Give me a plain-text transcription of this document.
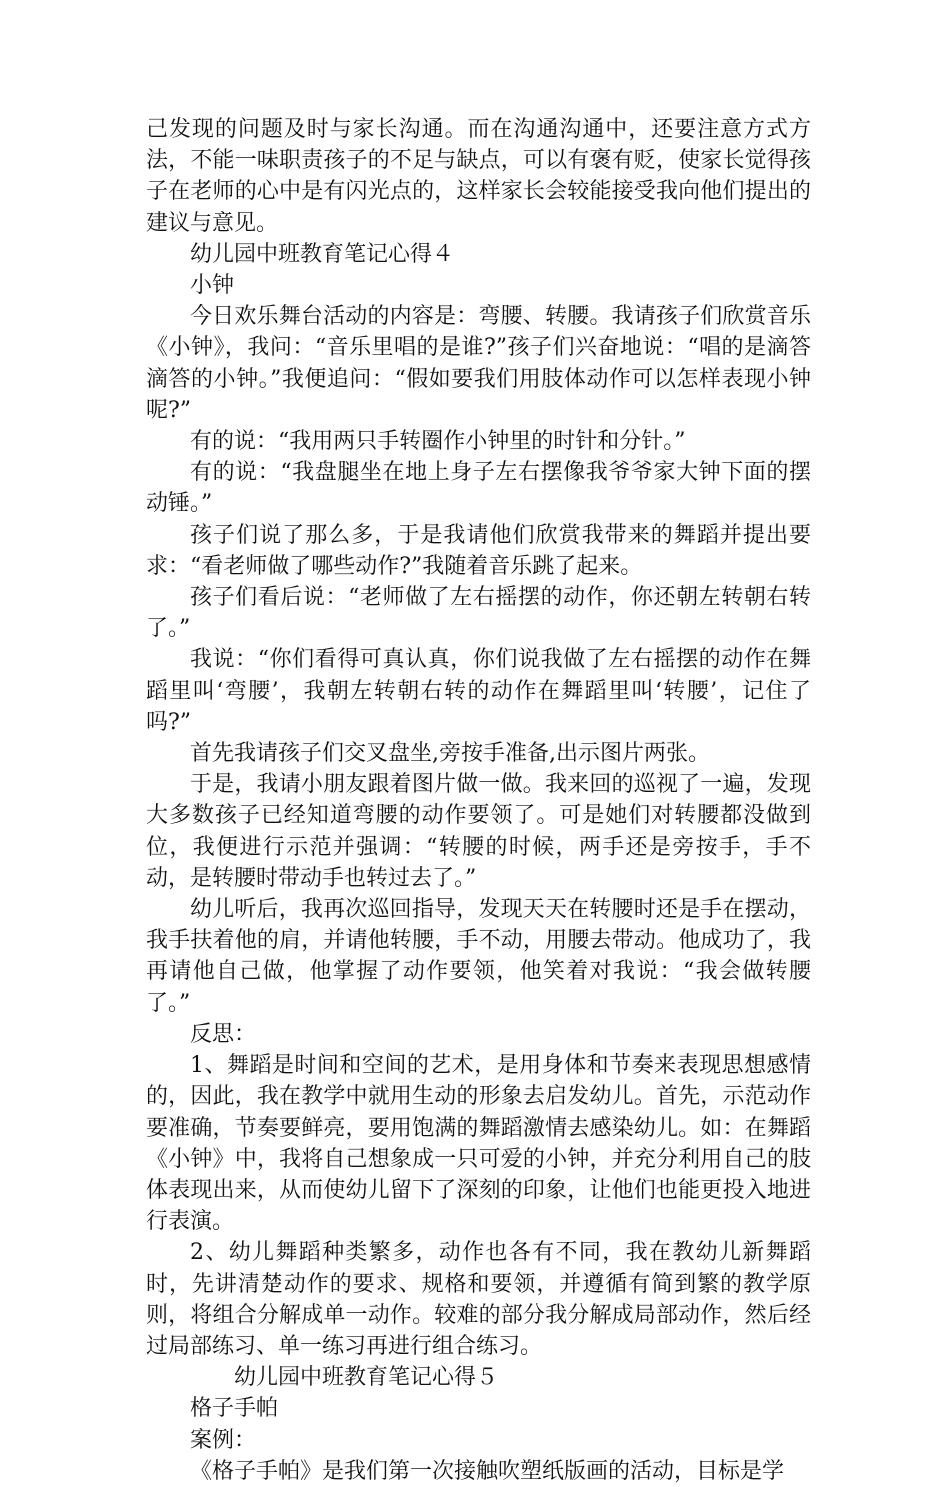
己发现的问题及时与家长沟通。而在沟通沟通中，还要注意方式方法，不能一味职责孩子的不足与缺点，可以有褒有贬，使家长觉得孩子在老师的心中是有闪光点的，这样家长会较能接受我向他们提出的建议与意见。

幼儿园中班教育笔记心得４

小钟

今日欢乐舞台活动的内容是：弯腰、转腰。我请孩子们欣赏音乐《小钟》，我问：“音乐里唱的是谁?”孩子们兴奋地说：“唱的是滴答滴答的小钟。”我便追问：“假如要我们用肢体动作可以怎样表现小钟呢?”

有的说：“我用两只手转圈作小钟里的时针和分针。”

有的说：“我盘腿坐在地上身子左右摆像我爷爷家大钟下面的摆动锤。”

孩子们说了那么多，于是我请他们欣赏我带来的舞蹈并提出要求：“看老师做了哪些动作?”我随着音乐跳了起来。

孩子们看后说：“老师做了左右摇摆的动作，你还朝左转朝右转了。”

我说：“你们看得可真认真，你们说我做了左右摇摆的动作在舞蹈里叫‘弯腰’，我朝左转朝右转的动作在舞蹈里叫‘转腰’，记住了吗?”

首先我请孩子们交叉盘坐,旁按手准备,出示图片两张。

于是，我请小朋友跟着图片做一做。我来回的巡视了一遍，发现大多数孩子已经知道弯腰的动作要领了。可是她们对转腰都没做到位，我便进行示范并强调：“转腰的时候，两手还是旁按手，手不动，是转腰时带动手也转过去了。”

幼儿听后，我再次巡回指导，发现天天在转腰时还是手在摆动，我手扶着他的肩，并请他转腰，手不动，用腰去带动。他成功了，我再请他自己做，他掌握了动作要领，他笑着对我说：“我会做转腰了。”

反思：

1、舞蹈是时间和空间的艺术，是用身体和节奏来表现思想感情的，因此，我在教学中就用生动的形象去启发幼儿。首先，示范动作要准确，节奏要鲜亮，要用饱满的舞蹈激情去感染幼儿。如：在舞蹈《小钟》中，我将自己想象成一只可爱的小钟，并充分利用自己的肢体表现出来，从而使幼儿留下了深刻的印象，让他们也能更投入地进行表演。

2、幼儿舞蹈种类繁多，动作也各有不同，我在教幼儿新舞蹈时，先讲清楚动作的要求、规格和要领，并遵循有简到繁的教学原则，将组合分解成单一动作。较难的部分我分解成局部动作，然后经过局部练习、单一练习再进行组合练习。

幼儿园中班教育笔记心得５

格子手帕

案例：

《格子手帕》是我们第一次接触吹塑纸版画的活动，目标是学
